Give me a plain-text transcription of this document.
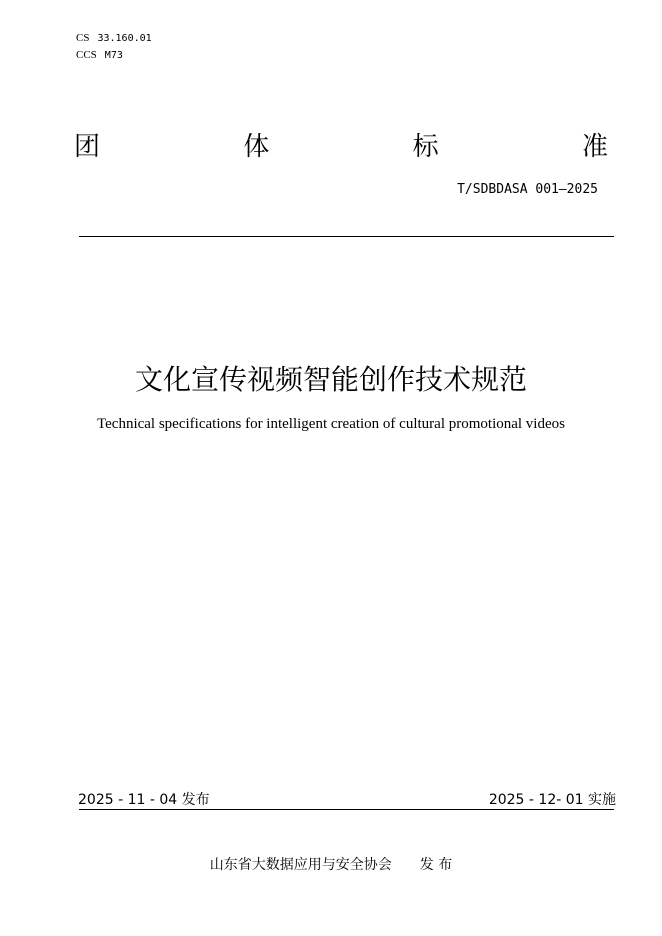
CS 33.160.01
CCS M73
团	体	标	准
T/SDBDASA 001—2025
文化宣传视频智能创作技术规范
Technical specifications for intelligent creation of cultural promotional videos
2025 - 11 - 04 发布	2025 - 12- 01 实施
山东省大数据应用与安全协会 发 布
